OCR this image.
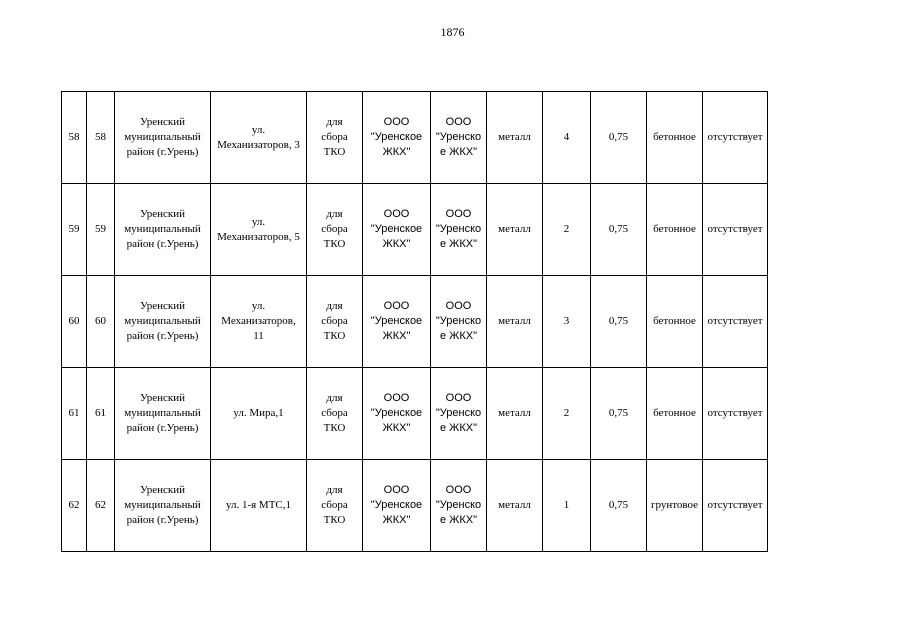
1876
58	58	Уренский
муниципальный
район (г.Урень)	ул.
Механизаторов, 3	для
сбора
ТКО	ООО
"Уренское
ЖКХ"	ООО
"Уренско
е ЖКХ"	металл	4	0,75	бетонное	отсутствует
59	59	Уренский
муниципальный
район (г.Урень)	ул.
Механизаторов, 5	для
сбора
ТКО	ООО
"Уренское
ЖКХ"	ООО
"Уренско
е ЖКХ"	металл	2	0,75	бетонное	отсутствует
60	60	Уренский
муниципальный
район (г.Урень)	ул.
Механизаторов,
11	для
сбора
ТКО	ООО
"Уренское
ЖКХ"	ООО
"Уренско
е ЖКХ"	металл	3	0,75	бетонное	отсутствует
61	61	Уренский
муниципальный
район (г.Урень)	ул. Мира,1	для
сбора
ТКО	ООО
"Уренское
ЖКХ"	ООО
"Уренско
е ЖКХ"	металл	2	0,75	бетонное	отсутствует
62	62	Уренский
муниципальный
район (г.Урень)	ул. 1-я МТС,1	для
сбора
ТКО	ООО
"Уренское
ЖКХ"	ООО
"Уренско
е ЖКХ"	металл	1	0,75	грунтовое	отсутствует
